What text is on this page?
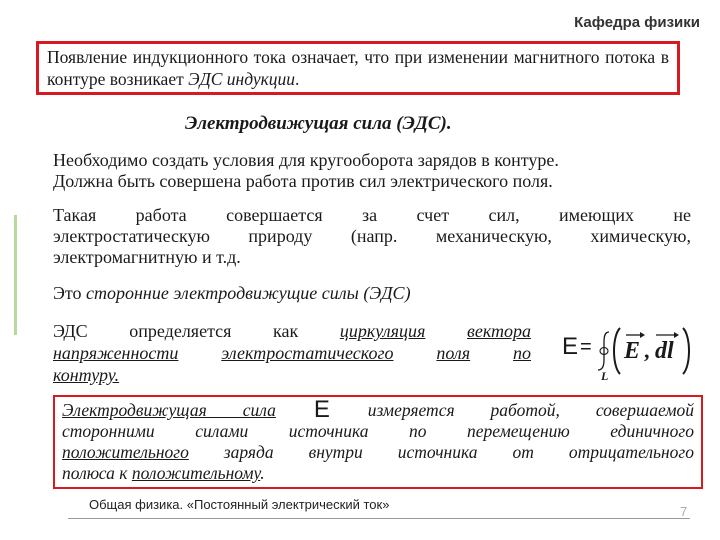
Кафедра физики
Появление индукционного тока означает, что при изменении магнитного потока в контуре возникает ЭДС индукции.
Электродвижущая сила (ЭДС).
Необходимо создать условия для кругооборота зарядов в контуре.
Должна быть совершена работа против сил электрического поля.
Такая работа совершается за счет сил, имеющих не
электростатическую природу (напр. механическую, химическую,
электромагнитную и т.д.
Это сторонние электродвижущие силы (ЭДС)
ЭДС определяется как циркуляция вектора
напряженности электростатического поля по
контуру.
E = E , dl
L
Электродвижущая сила E измеряется работой, совершаемой
сторонними силами источника по перемещению единичного
положительного заряда внутри источника от отрицательного
полюса к положительному.
Общая физика. «Постоянный электрический ток»	7
